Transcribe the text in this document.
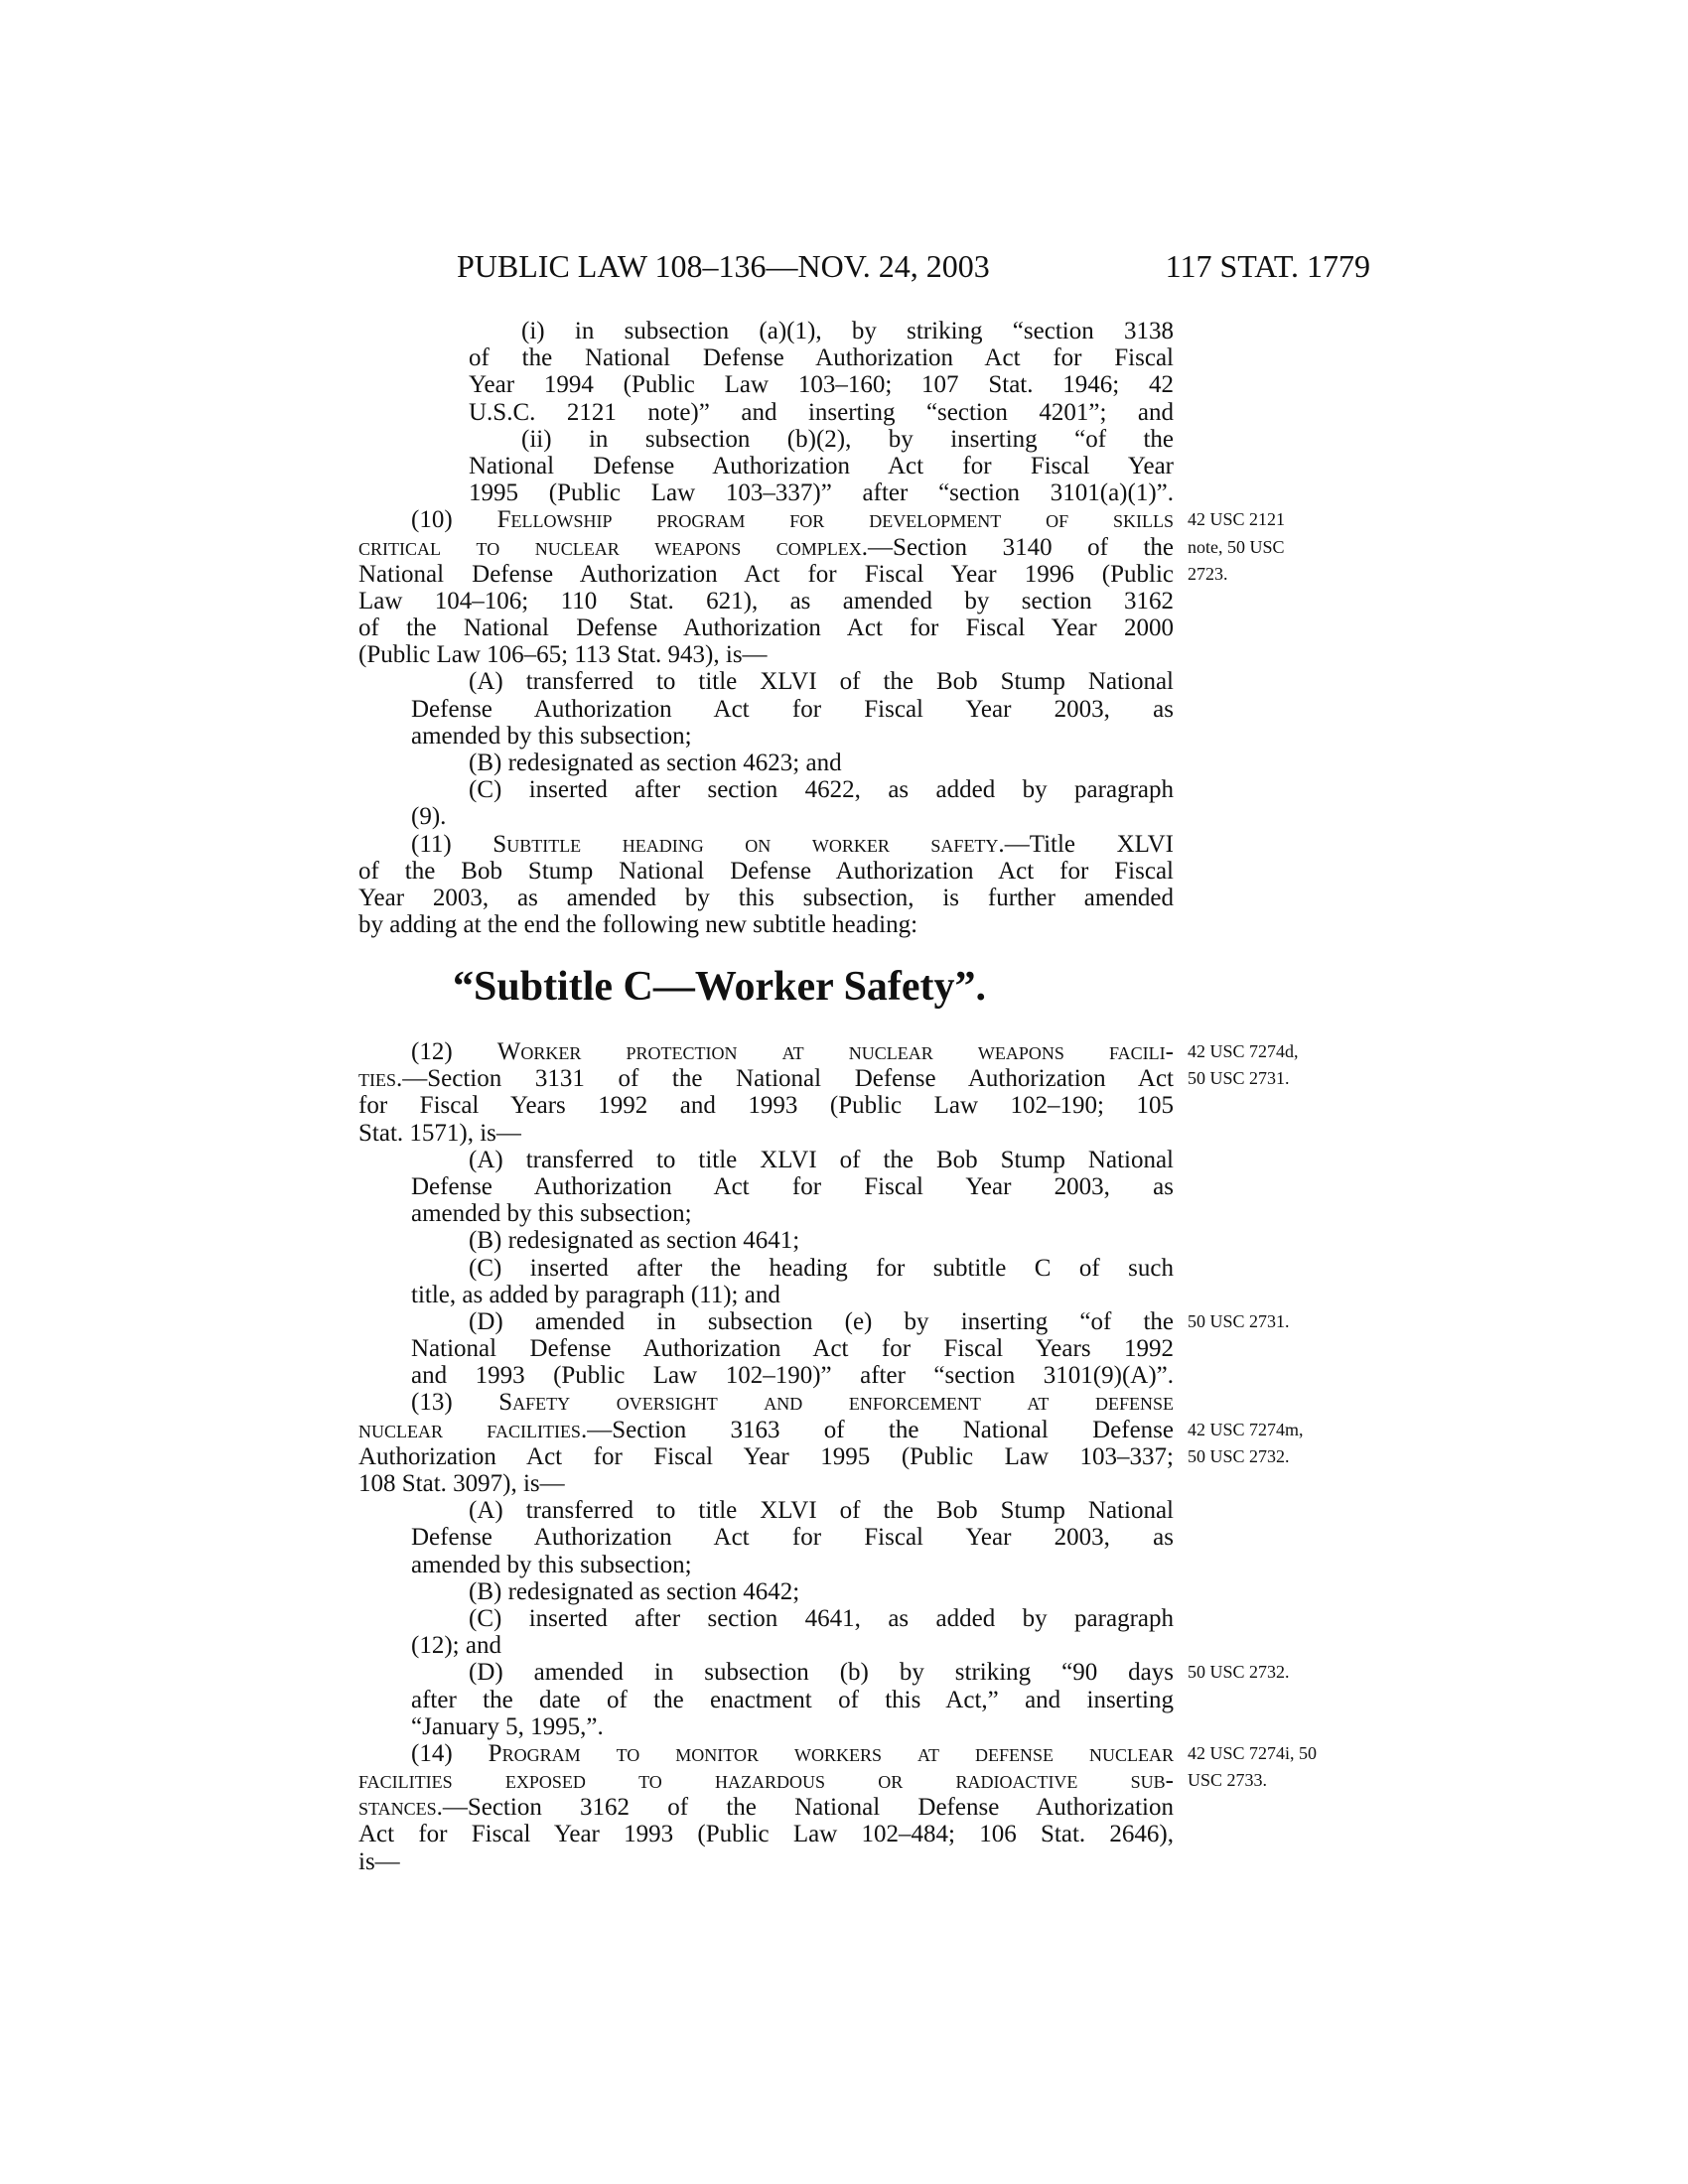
PUBLIC LAW 108–136—NOV. 24, 2003	117 STAT. 1779
(i) in subsection (a)(1), by striking “section 3138
of the National Defense Authorization Act for Fiscal
Year 1994 (Public Law 103–160; 107 Stat. 1946; 42
U.S.C. 2121 note)” and inserting “section 4201”; and
(ii) in subsection (b)(2), by inserting “of the
National Defense Authorization Act for Fiscal Year
1995 (Public Law 103–337)” after “section 3101(a)(1)”.
(10) Fellowship program for development of skills 42 USC 2121
critical to nuclear weapons complex.—Section 3140 of the note, 50 USC
National Defense Authorization Act for Fiscal Year 1996 (Public 2723.
Law 104–106; 110 Stat. 621), as amended by section 3162
of the National Defense Authorization Act for Fiscal Year 2000
(Public Law 106–65; 113 Stat. 943), is—
(A) transferred to title XLVI of the Bob Stump National
Defense Authorization Act for Fiscal Year 2003, as
amended by this subsection;
(B) redesignated as section 4623; and
(C) inserted after section 4622, as added by paragraph
(9).
(11) Subtitle heading on worker safety.—Title XLVI
of the Bob Stump National Defense Authorization Act for Fiscal
Year 2003, as amended by this subsection, is further amended
by adding at the end the following new subtitle heading:
“Subtitle C—Worker Safety”.
(12) Worker protection at nuclear weapons facili- 42 USC 7274d,
ties.—Section 3131 of the National Defense Authorization Act 50 USC 2731.
for Fiscal Years 1992 and 1993 (Public Law 102–190; 105
Stat. 1571), is—
(A) transferred to title XLVI of the Bob Stump National
Defense Authorization Act for Fiscal Year 2003, as
amended by this subsection;
(B) redesignated as section 4641;
(C) inserted after the heading for subtitle C of such
title, as added by paragraph (11); and
(D) amended in subsection (e) by inserting “of the 50 USC 2731.
National Defense Authorization Act for Fiscal Years 1992
and 1993 (Public Law 102–190)” after “section 3101(9)(A)”.
(13) Safety oversight and enforcement at defense
nuclear facilities.—Section 3163 of the National Defense 42 USC 7274m,
Authorization Act for Fiscal Year 1995 (Public Law 103–337; 50 USC 2732.
108 Stat. 3097), is—
(A) transferred to title XLVI of the Bob Stump National
Defense Authorization Act for Fiscal Year 2003, as
amended by this subsection;
(B) redesignated as section 4642;
(C) inserted after section 4641, as added by paragraph
(12); and
(D) amended in subsection (b) by striking “90 days 50 USC 2732.
after the date of the enactment of this Act,” and inserting
“January 5, 1995,”.
(14) Program to monitor workers at defense nuclear 42 USC 7274i, 50
facilities exposed to hazardous or radioactive sub- USC 2733.
stances.—Section 3162 of the National Defense Authorization
Act for Fiscal Year 1993 (Public Law 102–484; 106 Stat. 2646),
is—
